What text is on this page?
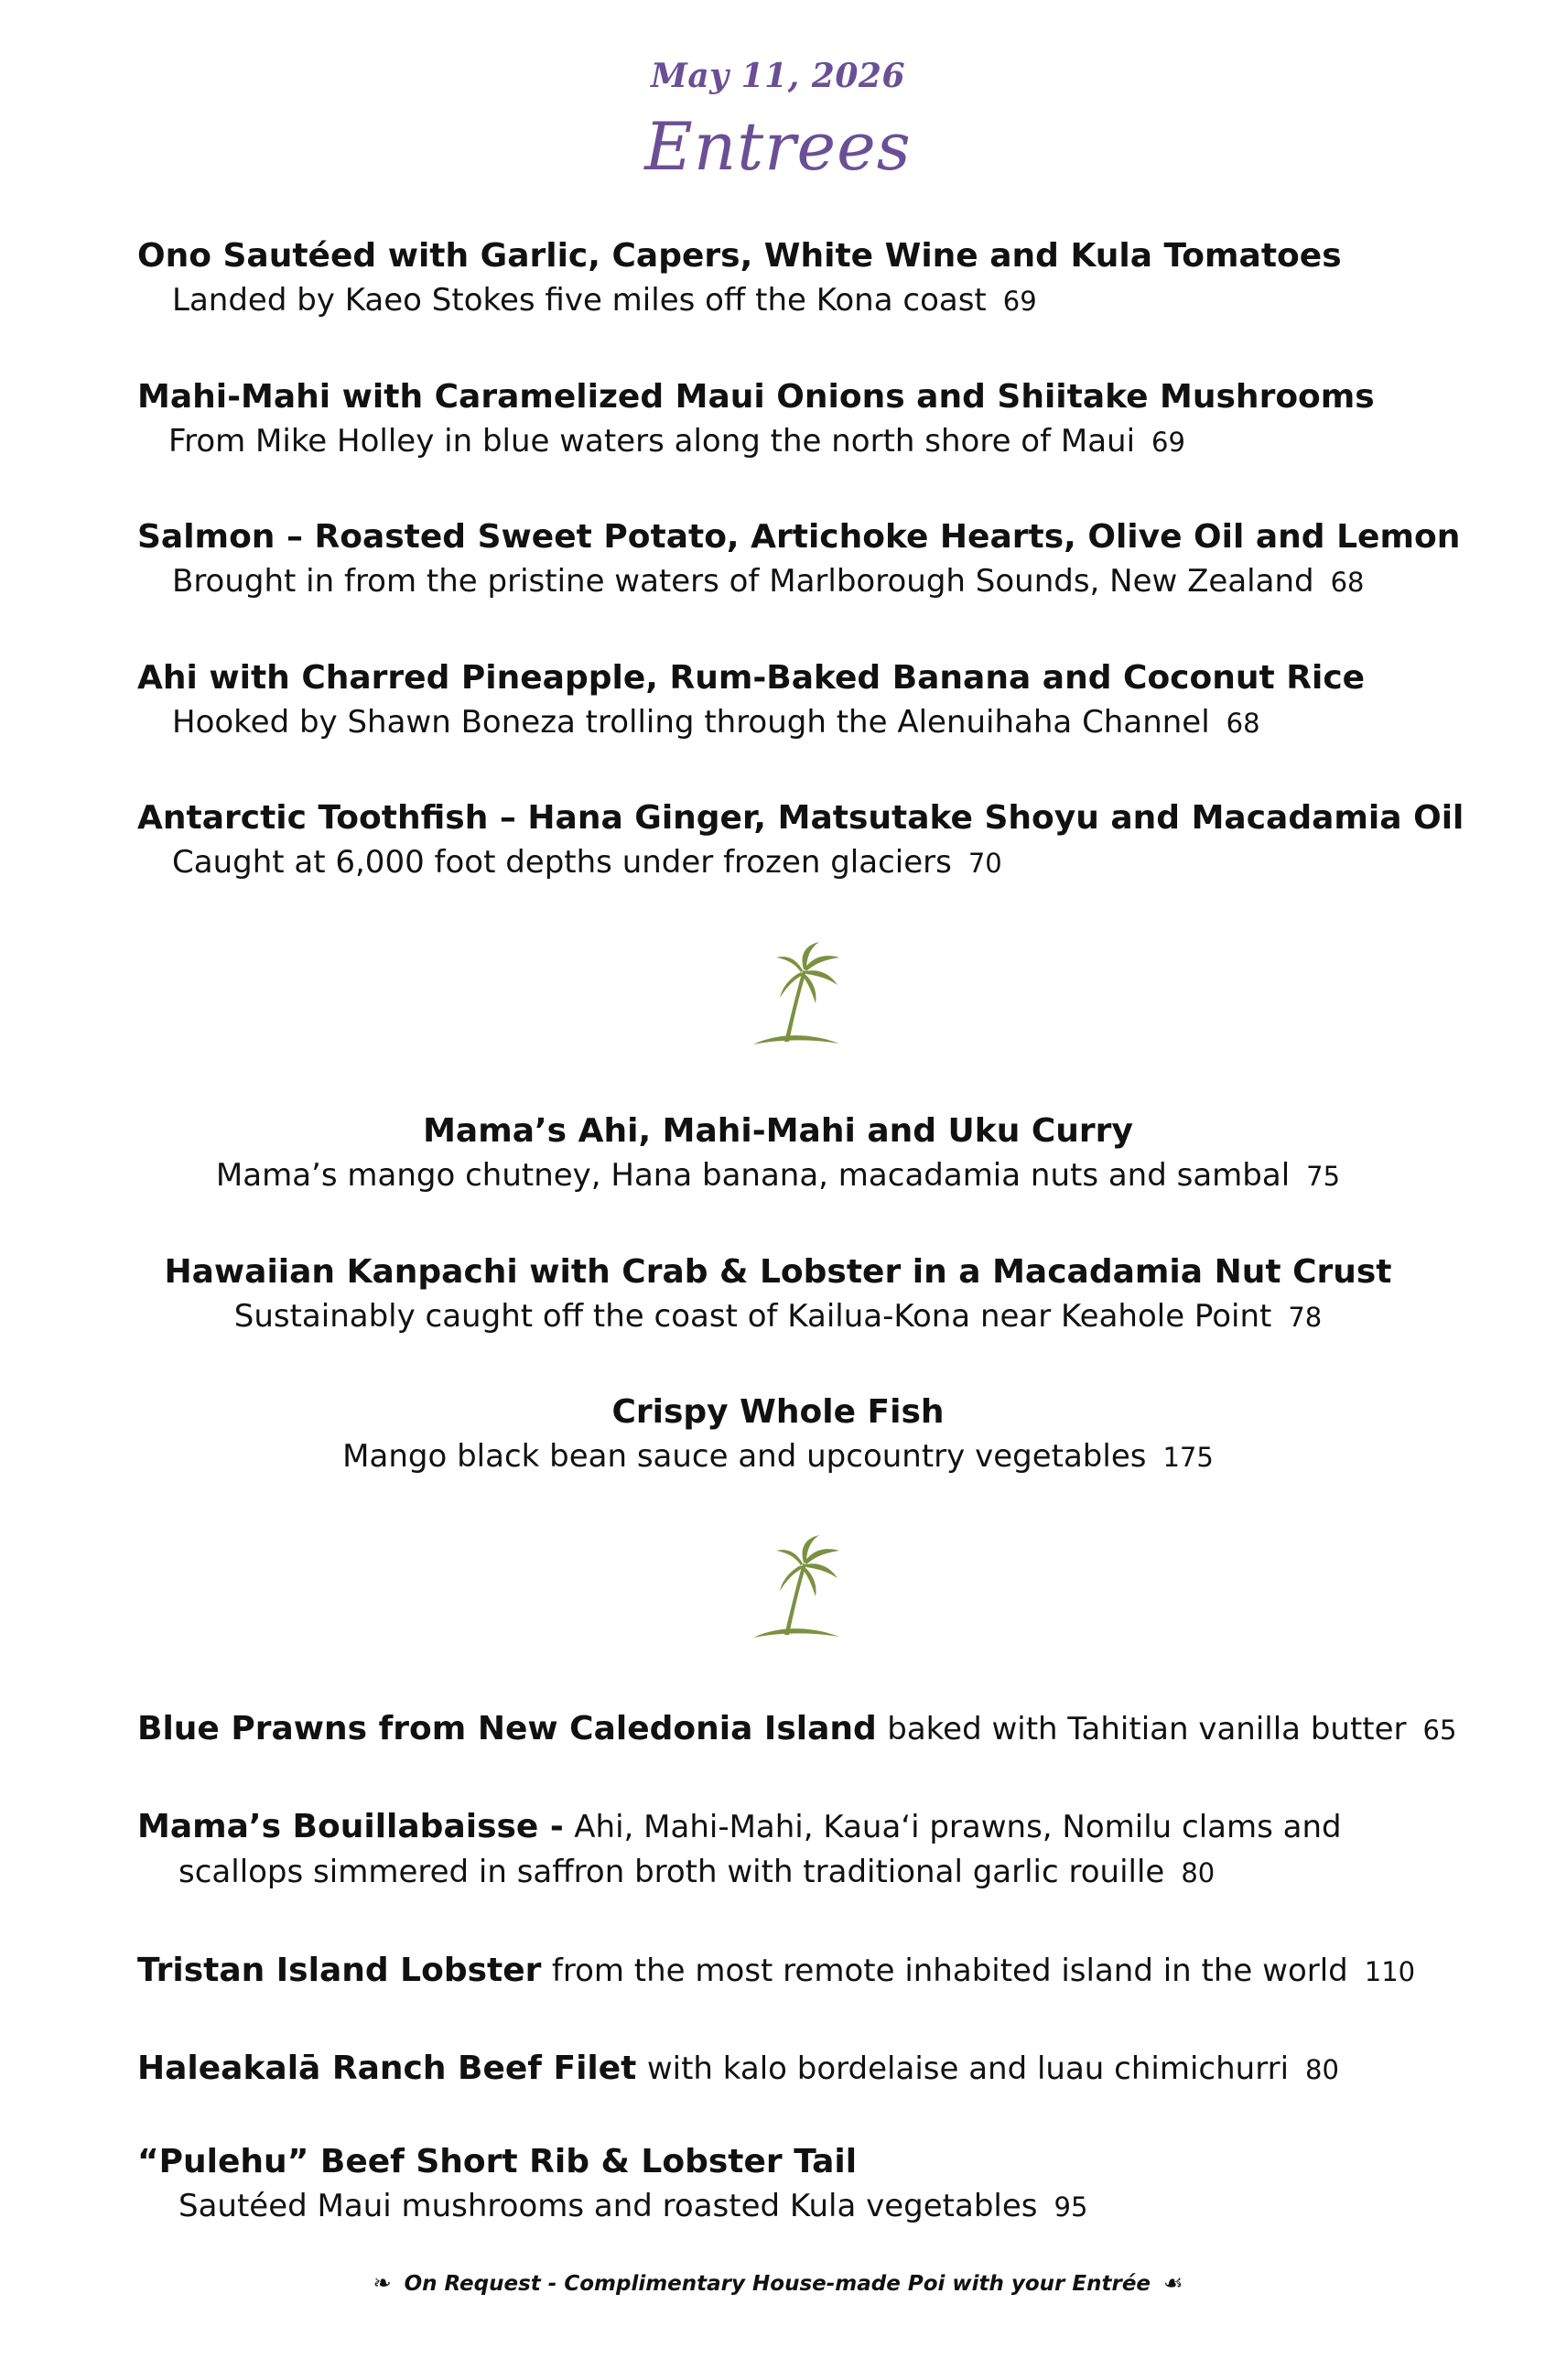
May 11, 2026
Entrees
Ono Sautéed with Garlic, Capers, White Wine and Kula Tomatoes
Landed by Kaeo Stokes five miles off the Kona coast 69
Mahi-Mahi with Caramelized Maui Onions and Shiitake Mushrooms
From Mike Holley in blue waters along the north shore of Maui 69
Salmon – Roasted Sweet Potato, Artichoke Hearts, Olive Oil and Lemon
Brought in from the pristine waters of Marlborough Sounds, New Zealand 68
Ahi with Charred Pineapple, Rum-Baked Banana and Coconut Rice
Hooked by Shawn Boneza trolling through the Alenuihaha Channel 68
Antarctic Toothfish – Hana Ginger, Matsutake Shoyu and Macadamia Oil
Caught at 6,000 foot depths under frozen glaciers 70
Mama’s Ahi, Mahi-Mahi and Uku Curry
Mama’s mango chutney, Hana banana, macadamia nuts and sambal 75
Hawaiian Kanpachi with Crab & Lobster in a Macadamia Nut Crust
Sustainably caught off the coast of Kailua-Kona near Keahole Point 78
Crispy Whole Fish
Mango black bean sauce and upcountry vegetables 175
Blue Prawns from New Caledonia Island baked with Tahitian vanilla butter 65
Mama’s Bouillabaisse - Ahi, Mahi-Mahi, Kaua‘i prawns, Nomilu clams and
scallops simmered in saffron broth with traditional garlic rouille 80
Tristan Island Lobster from the most remote inhabited island in the world 110
Haleakalā Ranch Beef Filet with kalo bordelaise and luau chimichurri 80
“Pulehu” Beef Short Rib & Lobster Tail
Sautéed Maui mushrooms and roasted Kula vegetables 95
❧ On Request - Complimentary House-made Poi with your Entrée ☙
